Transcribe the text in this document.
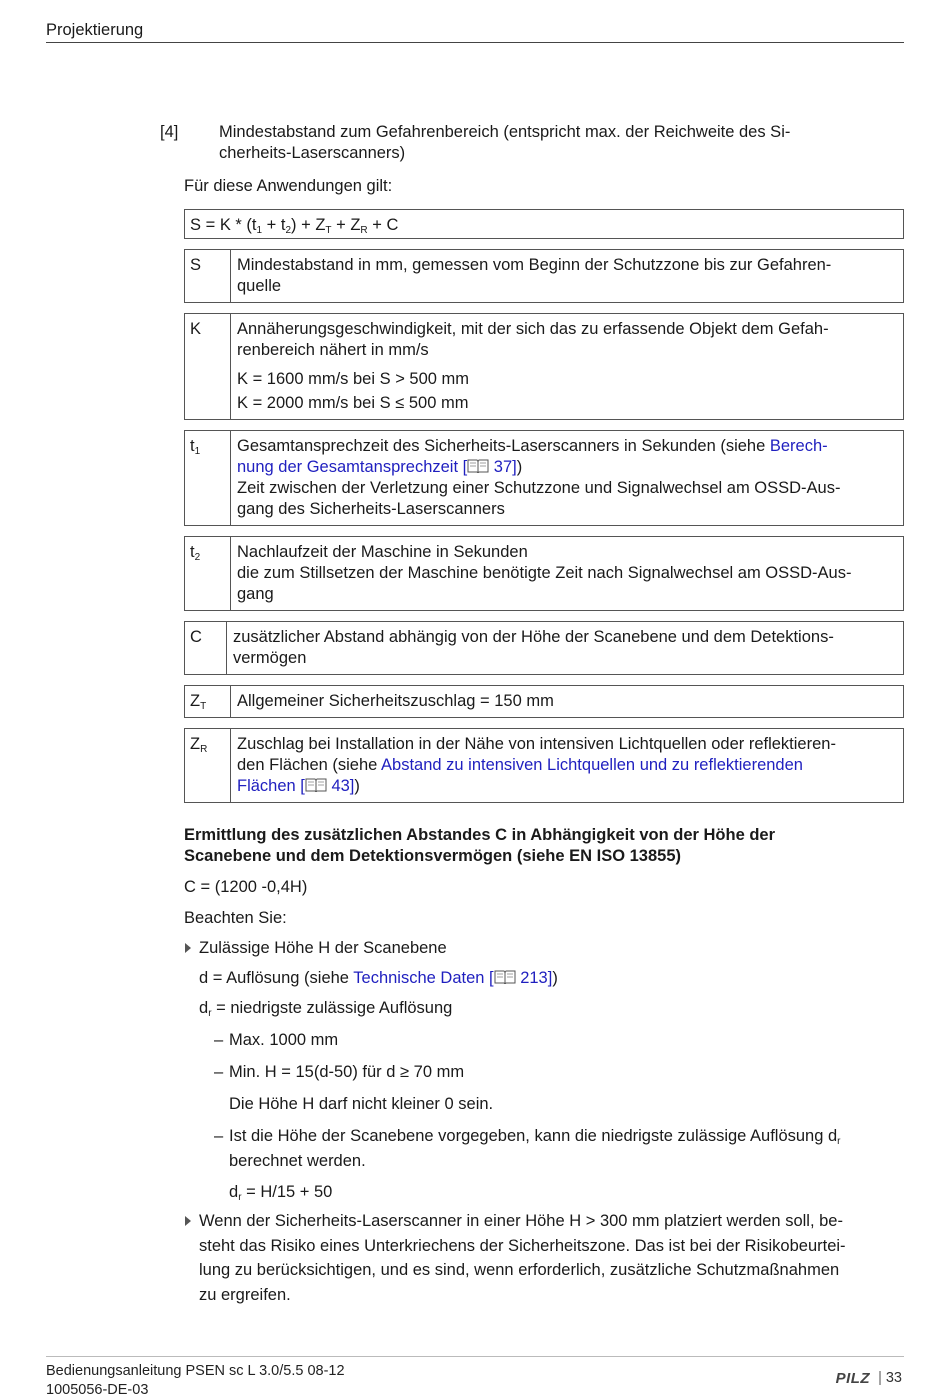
Projektierung
[4] Mindestabstand zum Gefahrenbereich (entspricht max. der Reichweite des Si-cherheits-Laserscanners)

Für diese Anwendungen gilt:

$S = K * (t_1 + t_2) + Z_T + Z_R + C$
S	Mindestabstand in mm, gemessen vom Beginn der Schutzzone bis zur Gefahren-
quelle
K	Annäherungsgeschwindigkeit, mit der sich das zu erfassende Objekt dem Gefah-
renbereich nähert in mm/s
K = 1600 mm/s bei S > 500 mm
K = 2000 mm/s bei S ≤ 500 mm
$t_1$	Gesamtansprechzeit des Sicherheits-Laserscanners in Sekunden (siehe Berech-
nung der Gesamtansprechzeit [ 37])
Zeit zwischen der Verletzung einer Schutzzone und Signalwechsel am OSSD-Aus-
gang des Sicherheits-Laserscanners
$t_2$	Nachlaufzeit der Maschine in Sekunden
die zum Stillsetzen der Maschine benötigte Zeit nach Signalwechsel am OSSD-Aus-
gang
C	zusätzlicher Abstand abhängig von der Höhe der Scanebene und dem Detektions-
vermögen
$Z_T$	Allgemeiner Sicherheitszuschlag = 150 mm
$Z_R$	Zuschlag bei Installation in der Nähe von intensiven Lichtquellen oder reflektieren-
den Flächen (siehe Abstand zu intensiven Lichtquellen und zu reflektierenden
Flächen [ 43])
Ermittlung des zusätzlichen Abstandes C in Abhängigkeit von der Höhe der
Scanebene und dem Detektionsvermögen (siehe EN ISO 13855)

C = (1200 -0,4H)

Beachten Sie:

Zulässige Höhe H der Scanebene
d = Auflösung (siehe Technische Daten [ 213])
$d_r$ = niedrigste zulässige Auflösung
– Max. 1000 mm
– Min. H = 15(d-50) für d ≥ 70 mm
Die Höhe H darf nicht kleiner 0 sein.
– Ist die Höhe der Scanebene vorgegeben, kann die niedrigste zulässige Auflösung $d_r$
berechnet werden.
$d_r = H/15 + 50$
Wenn der Sicherheits-Laserscanner in einer Höhe H > 300 mm platziert werden soll, be-
steht das Risiko eines Unterkriechens der Sicherheitszone. Das ist bei der Risikobeurtei-
lung zu berücksichtigen, und es sind, wenn erforderlich, zusätzliche Schutzmaßnahmen
zu ergreifen.
Bedienungsanleitung PSEN sc L 3.0/5.5 08-12
1005056-DE-03
PILZ | 33
